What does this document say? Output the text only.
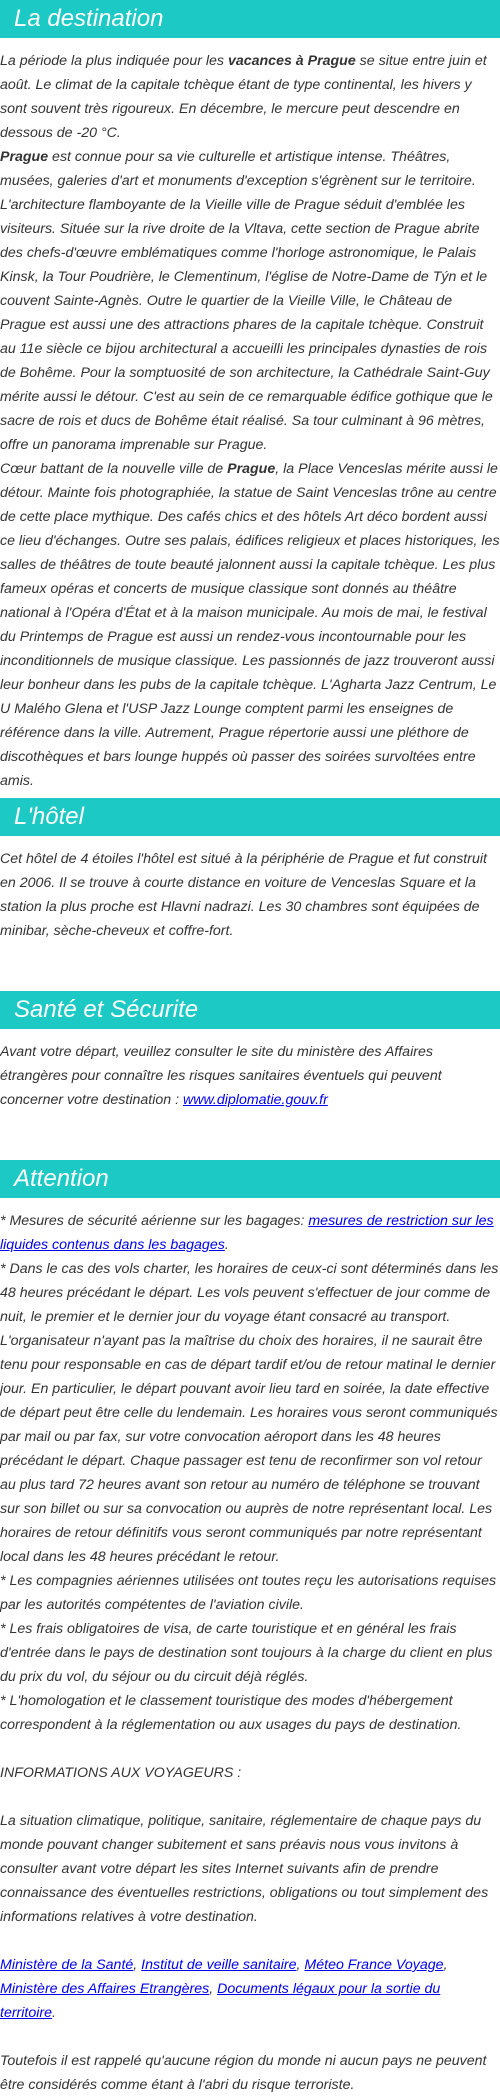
La destination

La période la plus indiquée pour les vacances à Prague se situe entre juin et août. Le climat de la capitale tchèque étant de type continental, les hivers y sont souvent très rigoureux. En décembre, le mercure peut descendre en dessous de -20 °C.

Prague est connue pour sa vie culturelle et artistique intense. Théâtres, musées, galeries d'art et monuments d'exception s'égrènent sur le territoire. L'architecture flamboyante de la Vieille ville de Prague séduit d'emblée les visiteurs. Située sur la rive droite de la Vltava, cette section de Prague abrite des chefs-d'œuvre emblématiques comme l'horloge astronomique, le Palais Kinsk, la Tour Poudrière, le Clementinum, l'église de Notre-Dame de Týn et le couvent Sainte-Agnès. Outre le quartier de la Vieille Ville, le Château de Prague est aussi une des attractions phares de la capitale tchèque. Construit au 11e siècle ce bijou architectural a accueilli les principales dynasties de rois de Bohême. Pour la somptuosité de son architecture, la Cathédrale Saint-Guy mérite aussi le détour. C'est au sein de ce remarquable édifice gothique que le sacre de rois et ducs de Bohême était réalisé. Sa tour culminant à 96 mètres, offre un panorama imprenable sur Prague.

Cœur battant de la nouvelle ville de Prague, la Place Venceslas mérite aussi le détour. Mainte fois photographiée, la statue de Saint Venceslas trône au centre de cette place mythique. Des cafés chics et des hôtels Art déco bordent aussi ce lieu d'échanges. Outre ses palais, édifices religieux et places historiques, les salles de théâtres de toute beauté jalonnent aussi la capitale tchèque. Les plus fameux opéras et concerts de musique classique sont donnés au théâtre national à l'Opéra d'État et à la maison municipale. Au mois de mai, le festival du Printemps de Prague est aussi un rendez-vous incontournable pour les inconditionnels de musique classique. Les passionnés de jazz trouveront aussi leur bonheur dans les pubs de la capitale tchèque. L'Agharta Jazz Centrum, Le U Malého Glena et l'USP Jazz Lounge comptent parmi les enseignes de référence dans la ville. Autrement, Prague répertorie aussi une pléthore de discothèques et bars lounge huppés où passer des soirées survoltées entre amis.

L'hôtel

Cet hôtel de 4 étoiles l'hôtel est situé à la périphérie de Prague et fut construit en 2006. Il se trouve à courte distance en voiture de Venceslas Square et la station la plus proche est Hlavni nadrazi. Les 30 chambres sont équipées de minibar, sèche-cheveux et coffre-fort.

Santé et Sécurite

Avant votre départ, veuillez consulter le site du ministère des Affaires étrangères pour connaître les risques sanitaires éventuels qui peuvent concerner votre destination : www.diplomatie.gouv.fr

Attention

* Mesures de sécurité aérienne sur les bagages: mesures de restriction sur les liquides contenus dans les bagages.

* Dans le cas des vols charter, les horaires de ceux-ci sont déterminés dans les 48 heures précédant le départ. Les vols peuvent s'effectuer de jour comme de nuit, le premier et le dernier jour du voyage étant consacré au transport. L'organisateur n'ayant pas la maîtrise du choix des horaires, il ne saurait être tenu pour responsable en cas de départ tardif et/ou de retour matinal le dernier jour. En particulier, le départ pouvant avoir lieu tard en soirée, la date effective de départ peut être celle du lendemain. Les horaires vous seront communiqués par mail ou par fax, sur votre convocation aéroport dans les 48 heures précédant le départ. Chaque passager est tenu de reconfirmer son vol retour au plus tard 72 heures avant son retour au numéro de téléphone se trouvant sur son billet ou sur sa convocation ou auprès de notre représentant local. Les horaires de retour définitifs vous seront communiqués par notre représentant local dans les 48 heures précédant le retour.

* Les compagnies aériennes utilisées ont toutes reçu les autorisations requises par les autorités compétentes de l'aviation civile.

* Les frais obligatoires de visa, de carte touristique et en général les frais d'entrée dans le pays de destination sont toujours à la charge du client en plus du prix du vol, du séjour ou du circuit déjà réglés.

* L'homologation et le classement touristique des modes d'hébergement correspondent à la réglementation ou aux usages du pays de destination.

INFORMATIONS AUX VOYAGEURS :

La situation climatique, politique, sanitaire, réglementaire de chaque pays du monde pouvant changer subitement et sans préavis nous vous invitons à consulter avant votre départ les sites Internet suivants afin de prendre connaissance des éventuelles restrictions, obligations ou tout simplement des informations relatives à votre destination.

Ministère de la Santé, Institut de veille sanitaire, Méteo France Voyage, Ministère des Affaires Etrangères, Documents légaux pour la sortie du territoire.

Toutefois il est rappelé qu'aucune région du monde ni aucun pays ne peuvent être considérés comme étant à l'abri du risque terroriste.
